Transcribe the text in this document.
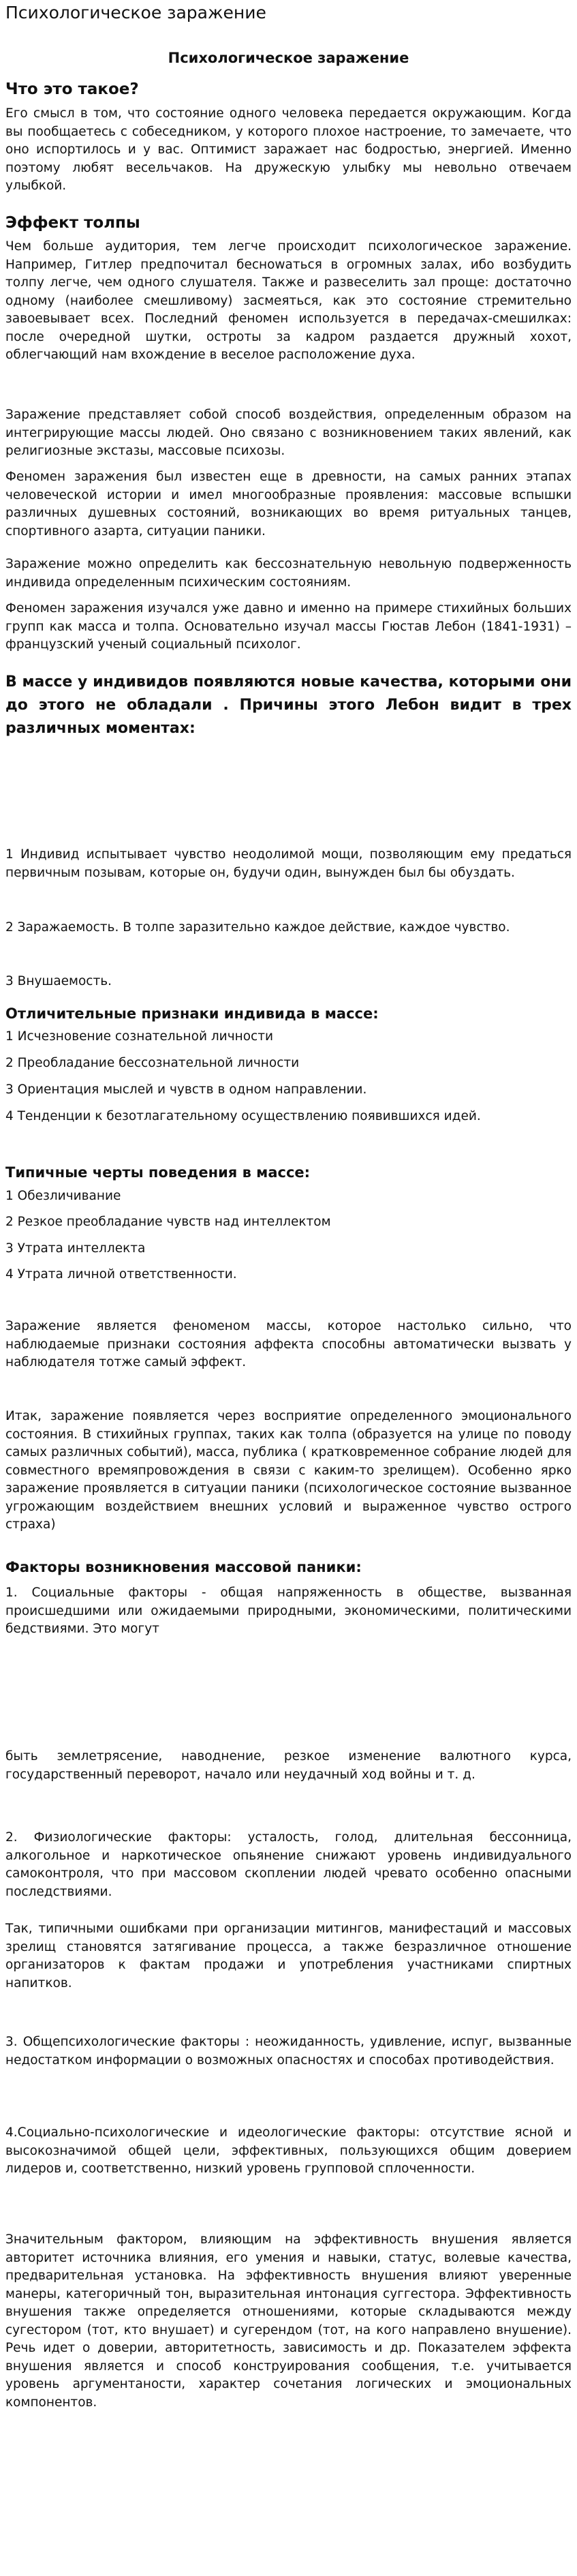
Психологическое заражение
Психологическое заражение
Что это такое?

Его смысл в том, что состояние одного человека передается окружающим. Когда вы пообщаетесь с собеседником, у которого плохое настроение, то замечаете, что оно испортилось и у вас. Оптимист заражает нас бодростью, энергией. Именно поэтому любят весельчаков. На дружескую улыбку мы невольно отвечаем улыбкой.

Эффект толпы

Чем больше аудитория, тем легче происходит психологическое заражение. Например, Гитлер предпочитал беснowаться в огромных залах, ибо возбудить толпу легче, чем одного слушателя. Также и развеселить зал проще: достаточно одному (наиболее смешливому) засмеяться, как это состояние стремительно завоевывает всех. Последний феномен используется в передачах-смешилках: после очередной шутки, остроты за кадром раздается дружный хохот, облегчающий нам вхождение в веселое расположение духа.

Заражение представляет собой способ воздействия, определенным образом на интегрирующие массы людей. Оно связано с возникновением таких явлений, как религиозные экстазы, массовые психозы.

Феномен заражения был известен еще в древности, на самых ранних этапах человеческой истории и имел многообразные проявления: массовые вспышки различных душевных состояний, возникающих во время ритуальных танцев, спортивного азарта, ситуации паники.

Заражение можно определить как бессознательную невольную подверженность индивида определенным психическим состояниям.

Феномен заражения изучался уже давно и именно на примере стихийных больших групп как масса и толпа. Основательно изучал массы Гюстав Лебон (1841-1931) – французский ученый социальный психолог.

В массе у индивидов появляются новые качества, которыми они до этого не обладали . Причины этого Лебон видит в трех различных моментах:

1 Индивид испытывает чувство неодолимой мощи, позволяющим ему предаться первичным позывам, которые он, будучи один, вынужден был бы обуздать.

2 Заражаемость. В толпе заразительно каждое действие, каждое чувство.

3 Внушаемость.

Отличительные признаки индивида в массе:

1 Исчезновение сознательной личности

2 Преобладание бессознательной личности

3 Ориентация мыслей и чувств в одном направлении.

4 Тенденции к безотлагательному осуществлению появившихся идей.

Типичные черты поведения в массе:

1 Обезличивание

2 Резкое преобладание чувств над интеллектом

3 Утрата интеллекта

4 Утрата личной ответственности.

Заражение является феноменом массы, которое настолько сильно, что наблюдаемые признаки состояния аффекта способны автоматически вызвать у наблюдателя тотже самый эффект.

Итак, заражение появляется через восприятие определенного эмоционального состояния. В стихийных группах, таких как толпа (образуется на улице по поводу самых различных событий), масса, публика ( кратковременное собрание людей для совместного времяпровождения в связи с каким-то зрелищем). Особенно ярко заражение проявляется в ситуации паники (психологическое состояние вызванное угрожающим воздействием внешних условий и выраженное чувство острого страха)

Факторы возникновения массовой паники:

1. Социальные факторы - общая напряженность в обществе, вызванная происшедшими или ожидаемыми природными, экономическими, политическими бедствиями. Это могут

быть землетрясение, наводнение, резкое изменение валютного курса, государственный переворот, начало или неудачный ход войны и т. д.

2. Физиологические факторы: усталость, голод, длительная бессонница, алкогольное и наркотическое опьянение снижают уровень индивидуального самоконтроля, что при массовом скоплении людей чревато особенно опасными последствиями.

Так, типичными ошибками при организации митингов, манифестаций и массовых зрелищ становятся затягивание процесса, а также безразличное отношение организаторов к фактам продажи и употребления участниками спиртных напитков.

3. Общепсихологические факторы : неожиданность, удивление, испуг, вызванные недостатком информации о возможных опасностях и способах противодействия.

4.Социально-психологические и идеологические факторы: отсутствие ясной и высокозначимой общей цели, эффективных, пользующихся общим доверием лидеров и, соответственно, низкий уровень групповой сплоченности.

Значительным фактором, влияющим на эффективность внушения является авторитет источника влияния, его умения и навыки, статус, волевые качества, предварительная установка. На эффективность внушения влияют уверенные манеры, категоричный тон, выразительная интонация суггестора. Эффективность внушения также определяется отношениями, которые складываются между сугестором (тот, кто внушает) и сугерендом (тот, на кого направлено внушение). Речь идет о доверии, авторитетность, зависимость и др. Показателем эффекта внушения является и способ конструирования сообщения, т.е. учитывается уровень аргументаности, характер сочетания логических и эмоциональных компонентов.
